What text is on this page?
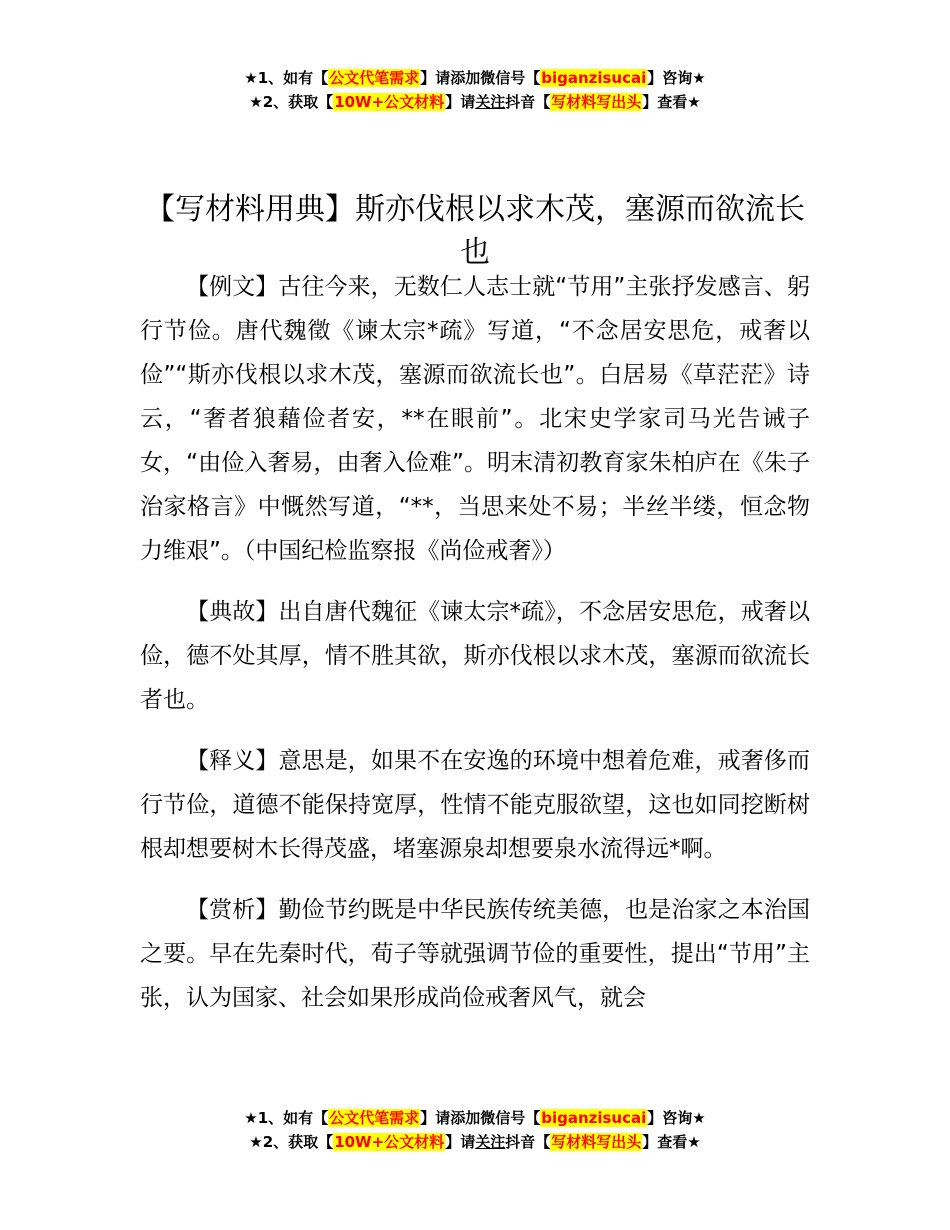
★1、如有【公文代笔需求】请添加微信号【biganzisucai】咨询★
★2、获取【10W+公文材料】请关注抖音【写材料写出头】查看★
【写材料用典】斯亦伐根以求木茂，塞源而欲流长也

【例文】古往今来，无数仁人志士就“节用”主张抒发感言、躬行节俭。唐代魏徵《谏太宗*疏》写道，“不念居安思危，戒奢以俭”“斯亦伐根以求木茂，塞源而欲流长也”。白居易《草茫茫》诗云，“奢者狼藉俭者安，**在眼前”。北宋史学家司马光告诫子女，“由俭入奢易，由奢入俭难”。明末清初教育家朱柏庐在《朱子治家格言》中慨然写道，“**，当思来处不易；半丝半缕，恒念物力维艰”。（中国纪检监察报《尚俭戒奢》）

【典故】出自唐代魏征《谏太宗*疏》，不念居安思危，戒奢以俭，德不处其厚，情不胜其欲，斯亦伐根以求木茂，塞源而欲流长者也。

【释义】意思是，如果不在安逸的环境中想着危难，戒奢侈而行节俭，道德不能保持宽厚，性情不能克服欲望，这也如同挖断树根却想要树木长得茂盛，堵塞源泉却想要泉水流得远*啊。

【赏析】勤俭节约既是中华民族传统美德，也是治家之本治国之要。早在先秦时代，荀子等就强调节俭的重要性，提出“节用”主张，认为国家、社会如果形成尚俭戒奢风气，就会

★1、如有【公文代笔需求】请添加微信号【biganzisucai】咨询★
★2、获取【10W+公文材料】请关注抖音【写材料写出头】查看★
